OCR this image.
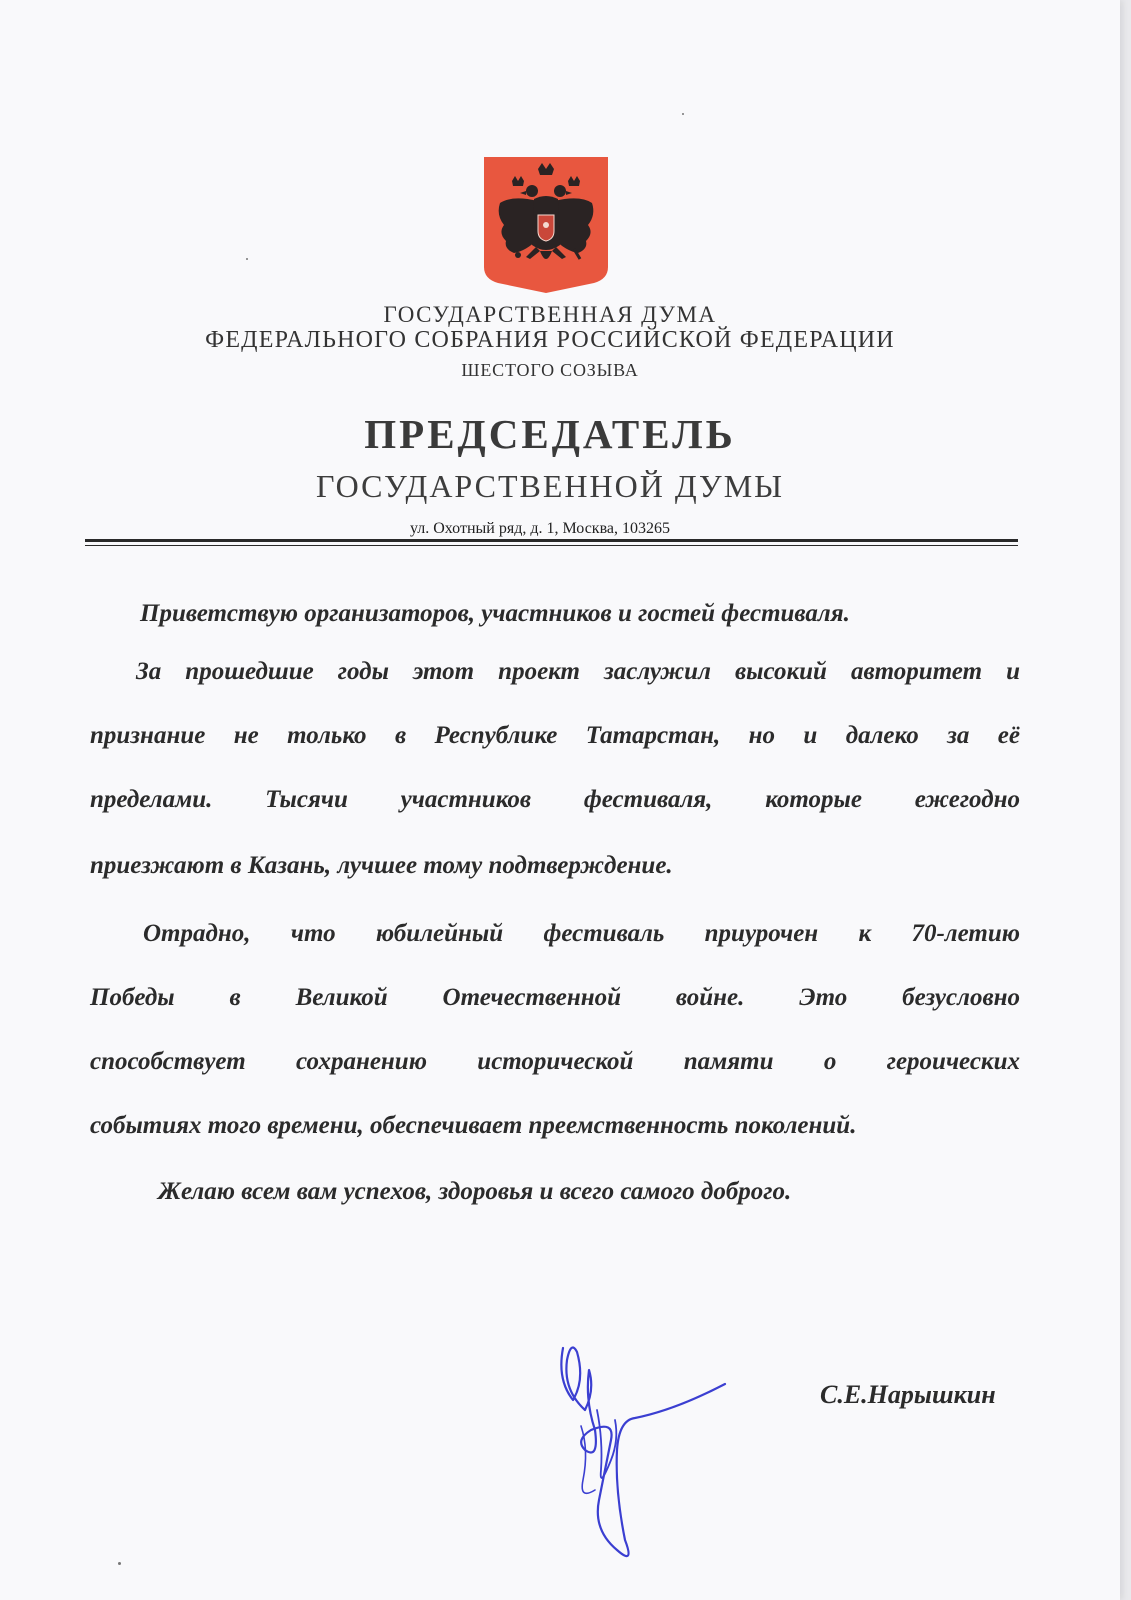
ГОСУДАРСТВЕННАЯ ДУМА
ФЕДЕРАЛЬНОГО СОБРАНИЯ РОССИЙСКОЙ ФЕДЕРАЦИИ
ШЕСТОГО СОЗЫВА
ПРЕДСЕДАТЕЛЬ
ГОСУДАРСТВЕННОЙ ДУМЫ
ул. Охотный ряд, д. 1, Москва, 103265
Приветствую организаторов, участников и гостей фестиваля.
За прошедшие годы этот проект заслужил высокий авторитет и
признание не только в Республике Татарстан, но и далеко за её
пределами. Тысячи участников фестиваля, которые ежегодно
приезжают в Казань, лучшее тому подтверждение.
Отрадно, что юбилейный фестиваль приурочен к 70-летию
Победы в Великой Отечественной войне. Это безусловно
способствует сохранению исторической памяти о героических
событиях того времени, обеспечивает преемственность поколений.
Желаю всем вам успехов, здоровья и всего самого доброго.
С.Е.Нарышкин
